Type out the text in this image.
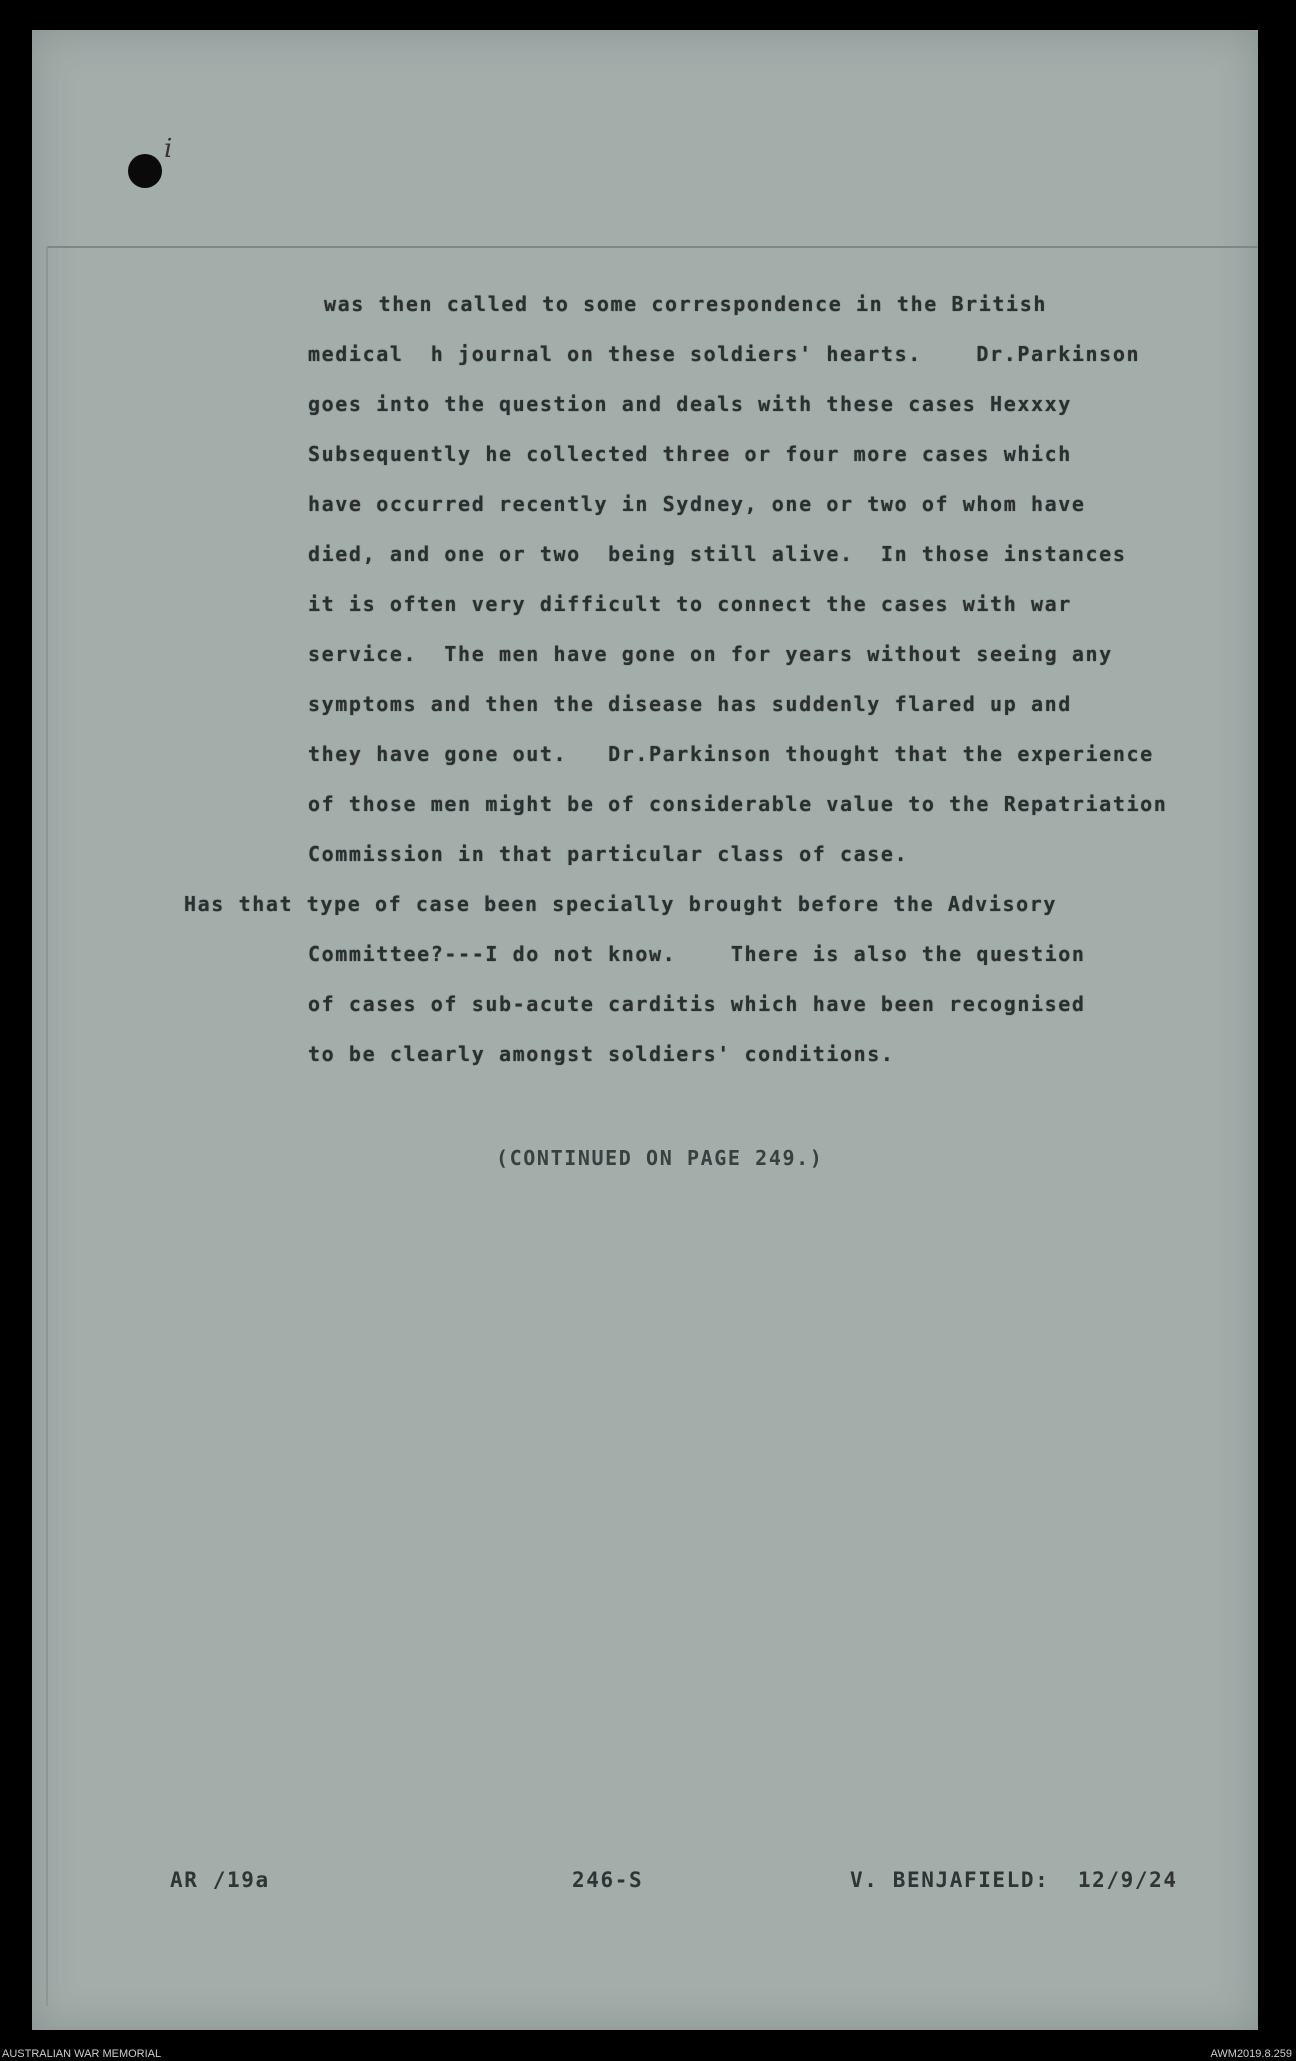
i
was then called to some correspondence in the British
medical  h journal on these soldiers' hearts.    Dr.Parkinson
goes into the question and deals with these cases Hexxxy
Subsequently he collected three or four more cases which
have occurred recently in Sydney, one or two of whom have
died, and one or two  being still alive.  In those instances
it is often very difficult to connect the cases with war
service.  The men have gone on for years without seeing any
symptoms and then the disease has suddenly flared up and
they have gone out.   Dr.Parkinson thought that the experience
of those men might be of considerable value to the Repatriation
Commission in that particular class of case.
Has that type of case been specially brought before the Advisory
Committee?---I do not know.    There is also the question
of cases of sub-acute carditis which have been recognised
to be clearly amongst soldiers' conditions.
(CONTINUED ON PAGE 249.)
AR /19a	246-S	V. BENJAFIELD:  12/9/24
AUSTRALIAN WAR MEMORIAL	AWM2019.8.259
